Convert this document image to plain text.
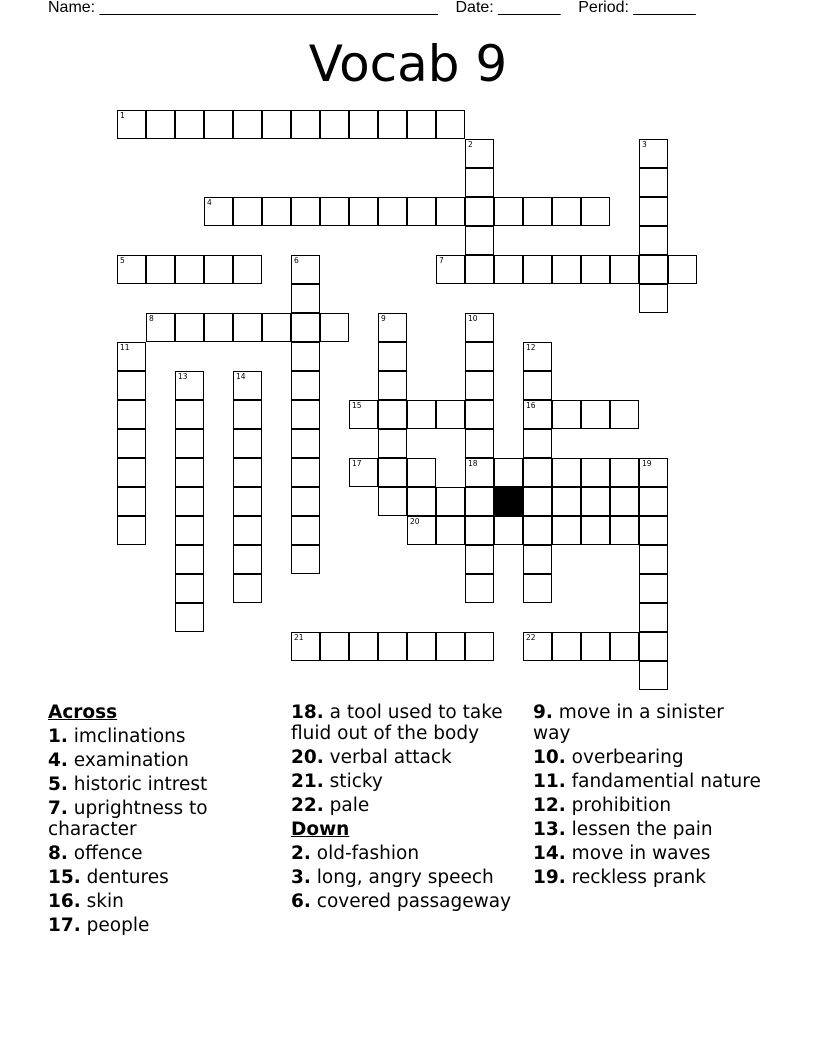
Name: ______________________________________    Date: _______    Period: _______
Vocab 9
1
2	3
4
5	6	7
8	9	10
18
11	12
16
13	14
15
17	19
20
21	22
Across
1. imclinations
4. examination
5. historic intrest
7. uprightness to character
8. offence
15. dentures
16. skin
17. people
18. a tool used to take fluid out of the body
20. verbal attack
21. sticky
22. pale
Down
2. old-fashion
3. long, angry speech
6. covered passageway
9. move in a sinister way
10. overbearing
11. fandamential nature
12. prohibition
13. lessen the pain
14. move in waves
19. reckless prank
